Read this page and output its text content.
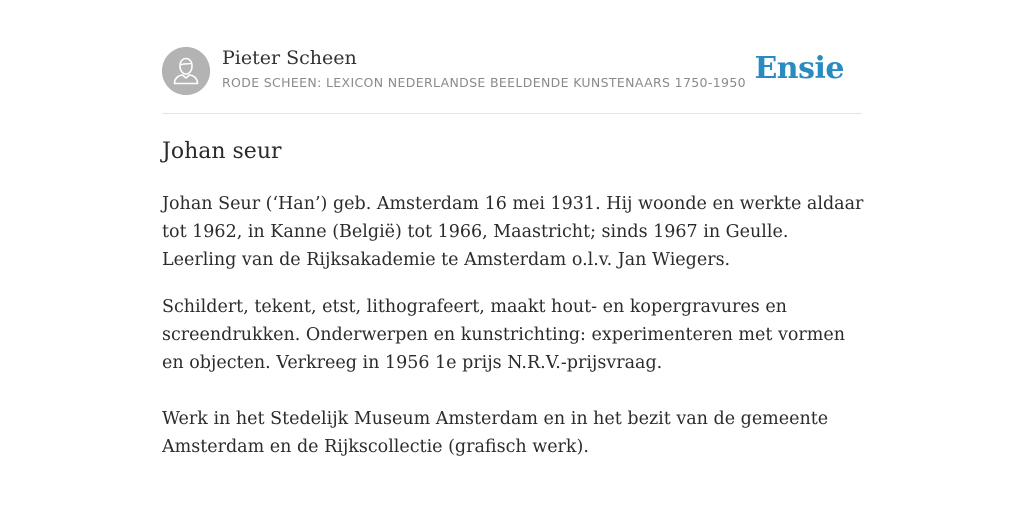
Pieter Scheen
RODE SCHEEN: LEXICON NEDERLANDSE BEELDENDE KUNSTENAARS 1750-1950 Ensie
Johan seur

Johan Seur (‘Han’) geb. Amsterdam 16 mei 1931. Hij woonde en werkte aldaar tot 1962, in Kanne (België) tot 1966, Maastricht; sinds 1967 in Geulle. Leerling van de Rijksakademie te Amsterdam o.l.v. Jan Wiegers.

Schildert, tekent, etst, lithografeert, maakt hout- en kopergravures en screendrukken. Onderwerpen en kunstrichting: experimenteren met vormen en objecten. Verkreeg in 1956 1e prijs N.R.V.-prijsvraag.

Werk in het Stedelijk Museum Amsterdam en in het bezit van de gemeente Amsterdam en de Rijkscollectie (grafisch werk).
